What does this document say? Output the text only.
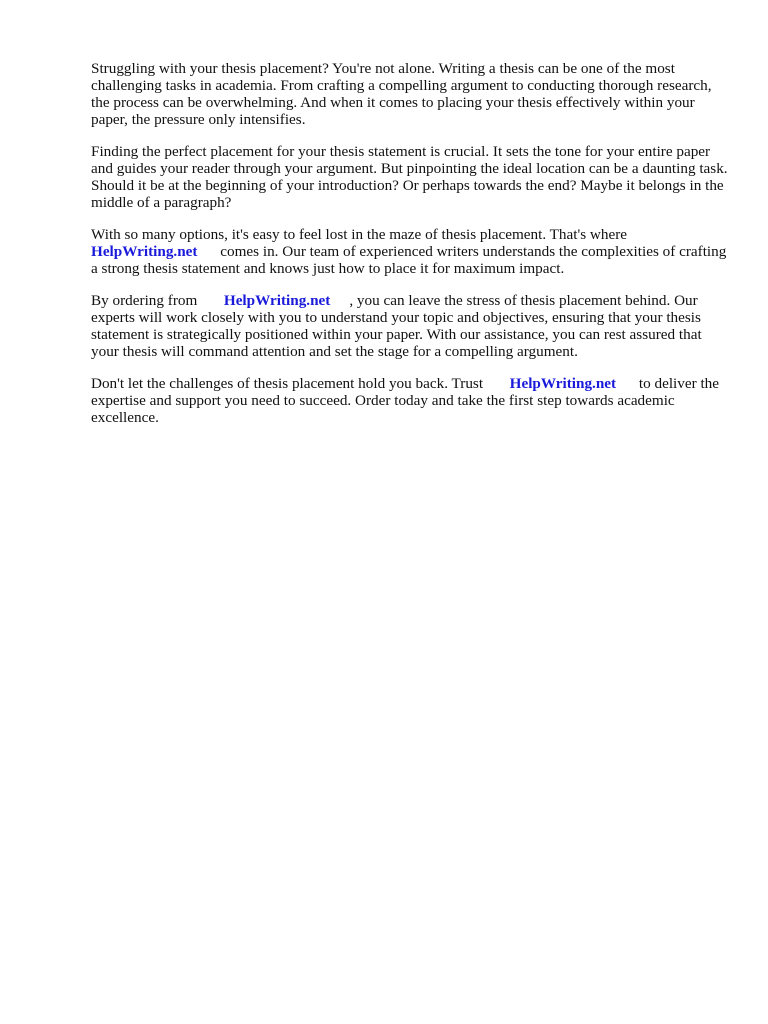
Struggling with your thesis placement? You're not alone. Writing a thesis can be one of the most challenging tasks in academia. From crafting a compelling argument to conducting thorough research, the process can be overwhelming. And when it comes to placing your thesis effectively within your paper, the pressure only intensifies.

Finding the perfect placement for your thesis statement is crucial. It sets the tone for your entire paper and guides your reader through your argument. But pinpointing the ideal location can be a daunting task. Should it be at the beginning of your introduction? Or perhaps towards the end? Maybe it belongs in the middle of a paragraph?

With so many options, it's easy to feel lost in the maze of thesis placement. That's where
HelpWriting.net comes in. Our team of experienced writers understands the complexities of crafting a strong thesis statement and knows just how to place it for maximum impact.

By ordering from HelpWriting.net , you can leave the stress of thesis placement behind. Our experts will work closely with you to understand your topic and objectives, ensuring that your thesis statement is strategically positioned within your paper. With our assistance, you can rest assured that your thesis will command attention and set the stage for a compelling argument.

Don't let the challenges of thesis placement hold you back. Trust HelpWriting.net to deliver the expertise and support you need to succeed. Order today and take the first step towards academic excellence.
